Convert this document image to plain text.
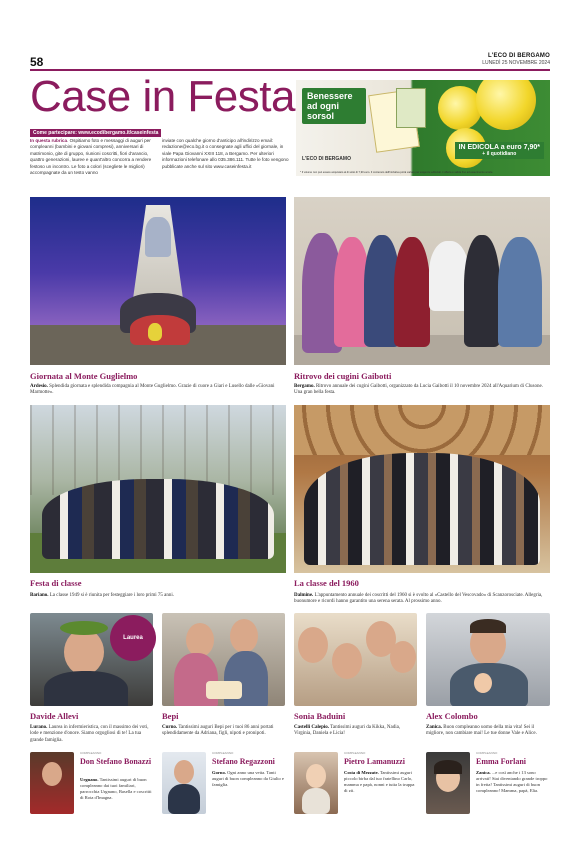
58	L'ECO DI BERGAMO
LUNEDÌ 25 NOVEMBRE 2024
Case in Festa
Come partecipare: www.ecodibergamo.it/caseinfesta
In questa rubrica. Ospitiamo foto e messaggi di auguri per compleanni (bambini e giovani compresi), anniversari di matrimonio, gite di gruppo, riunioni coscritti, fiori d'arancio, quattro generazioni, lauree e quant'altro concorra a rendere festoso un incontro. Le foto a colori (scegliete le migliori) accompagnate da un testo vanno
inviate con qualche giorno d'anticipo all'indirizzo email: redazione@eco.bg.it o consegnate agli uffici del giornale, in viale Papa Giovanni XXIII 118, a Bergamo. Per ulteriori informazioni telefonare allo 035.386.111. Tutte le foto vengono pubblicate anche sul sito www.caseinfesta.it
Benessere ad ogni sorsol
L'ECO DI BERGAMO
IN EDICOLA a euro 7,90*
+ il quotidiano
* Il volume non può essere acquistato al di sotto di 7,90 euro. Il contenuto dell'iniziativa potrà variare per esigenze editoriali. L'offerta è valida fino ad esaurimento scorte.
Giornata al Monte Guglielmo
Ardesio. Splendida giornata e splendida compagnia al Monte Guglielmo. Grazie di cuore a Giari e Lusello dalle «Giovani Marmotte».
Ritrovo dei cugini Gaibotti
Bergamo. Ritrovo annuale dei cugini Gaibotti, organizzato da Lucia Gaibotti il 10 novembre 2024 all'Aquarium di Clusone. Una gran bella festa.
Festa di classe
Bariano. La classe 1949 si è riunita per festeggiare i loro primi 75 anni.
La classe del 1960
Dalmine. L'appuntamento annuale dei coscritti del 1960 si è svolto al «Castello del Vescovado» di Scanzorosciate. Allegria, buonumore e ricordi hanno garantito una serena serata. Al prossimo anno.
Laurea
Davide Allevi
Lurano. Laurea in infermieristica, con il massimo dei voti, lode e menzione d'onore. Siamo orgogliosi di te! La tua grande famiglia.
Bepi
Curno. Tantissimi auguri Bepi per i tuoi 86 anni portati splendidamente da Adriana, figli, nipoti e pronipoti.
Sonia Baduini
Castelli Calepio. Tantissimi auguri da Kikka, Nadia, Virginia, Daniela e Licia!
Alex Colombo
Zanica. Buon compleanno uomo della mia vita! Sei il migliore, non cambiare mai! Le tue donne Vale e Alice.
COMPLEANNO
Don Stefano Bonazzi
Urgnano. Tantissimi auguri di buon compleanno dai tuoi familiari, parrocchia Urgnano, Basella e coscritti di Rota d'Imagna.
COMPLEANNO
Stefano Regazzoni
Gorno. Ogni anno una vetta. Tanti auguri di buon compleanno da Giulio e famiglia.
COMPLEANNO
Pietro Lamanuzzi
Costa di Mezzate. Tantissimi auguri piccolo birba dal tuo fratellino Carlo, mamma e papà, nonni e tutta la truppa di zii.
COMPLEANNO
Emma Forlani
Zanica. ...e così anche i 13 sono arrivati! Stai diventando grande troppo in fretta! Tantissimi auguri di buon compleanno! Mamma, papà, Elia.
